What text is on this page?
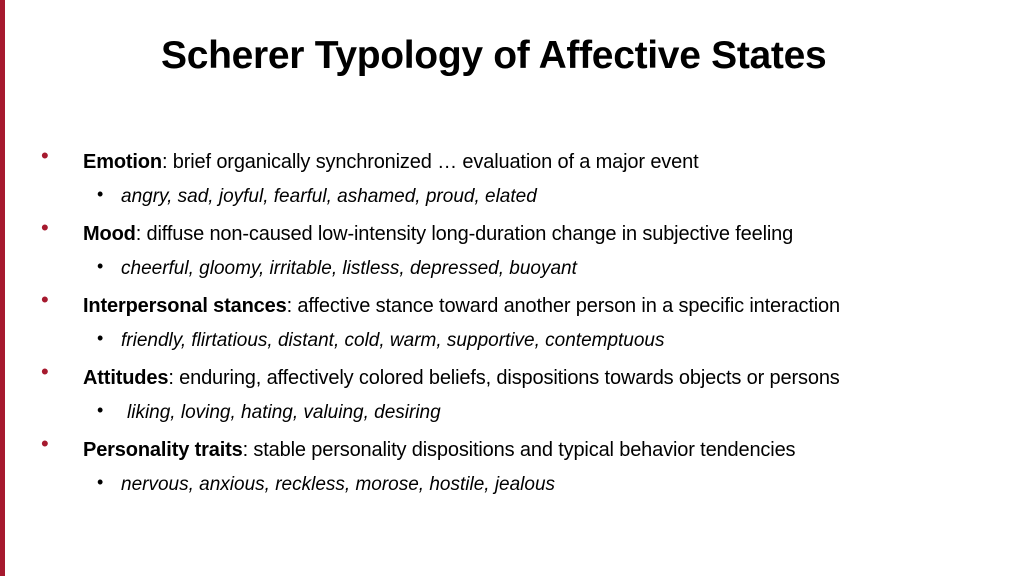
Scherer Typology of Affective States
• Emotion: brief organically synchronized … evaluation of a major event
• angry, sad, joyful, fearful, ashamed, proud, elated
• Mood: diffuse non-caused low-intensity long-duration change in subjective feeling
• cheerful, gloomy, irritable, listless, depressed, buoyant
• Interpersonal stances: affective stance toward another person in a specific interaction
• friendly, flirtatious, distant, cold, warm, supportive, contemptuous
• Attitudes: enduring, affectively colored beliefs, dispositions towards objects or persons
• liking, loving, hating, valuing, desiring
• Personality traits: stable personality dispositions and typical behavior tendencies
• nervous, anxious, reckless, morose, hostile, jealous
